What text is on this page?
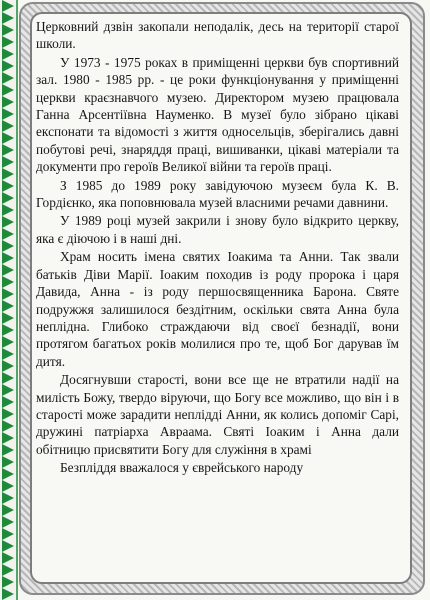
Церковний дзвін закопали неподалік, десь на території старої школи.

У 1973 - 1975 роках в приміщенні церкви був спортивний зал. 1980 - 1985 рр. - це роки функціонування у приміщенні церкви краєзнавчого музею. Директором музею працювала Ганна Арсентіївна Науменко. В музеї було зібрано цікаві експонати та відомості з життя односельців, зберігались давні побутові речі, знаряддя праці, вишиванки, цікаві матеріали та документи про героїв Великої війни та героїв праці.

З 1985 до 1989 року завідуючою музеєм була К. В. Гордієнко, яка поповнювала музей власними речами давнини.

У 1989 році музей закрили і знову було відкрито церкву, яка є діючою і в наші дні.

Храм носить імена святих Іоакима та Анни. Так звали батьків Діви Марії. Іоаким походив із роду пророка і царя Давида, Анна - із роду першосвященника Барона. Святе подружжя залишилося бездітним, оскільки свята Анна була неплідна. Глибоко страждаючи від своєї безнадії, вони протягом багатьох років молилися про те, щоб Бог дарував їм дитя.

Досягнувши старості, вони все ще не втратили надії на милість Божу, твердо віруючи, що Богу все можливо, що він і в старості може зарадити неплідді Анни, як колись допоміг Сарі, дружині патріарха Авраама. Святі Іоаким і Анна дали обітницю присвятити Богу для служіння в храмі

Безпліддя вважалося у єврейського народу
